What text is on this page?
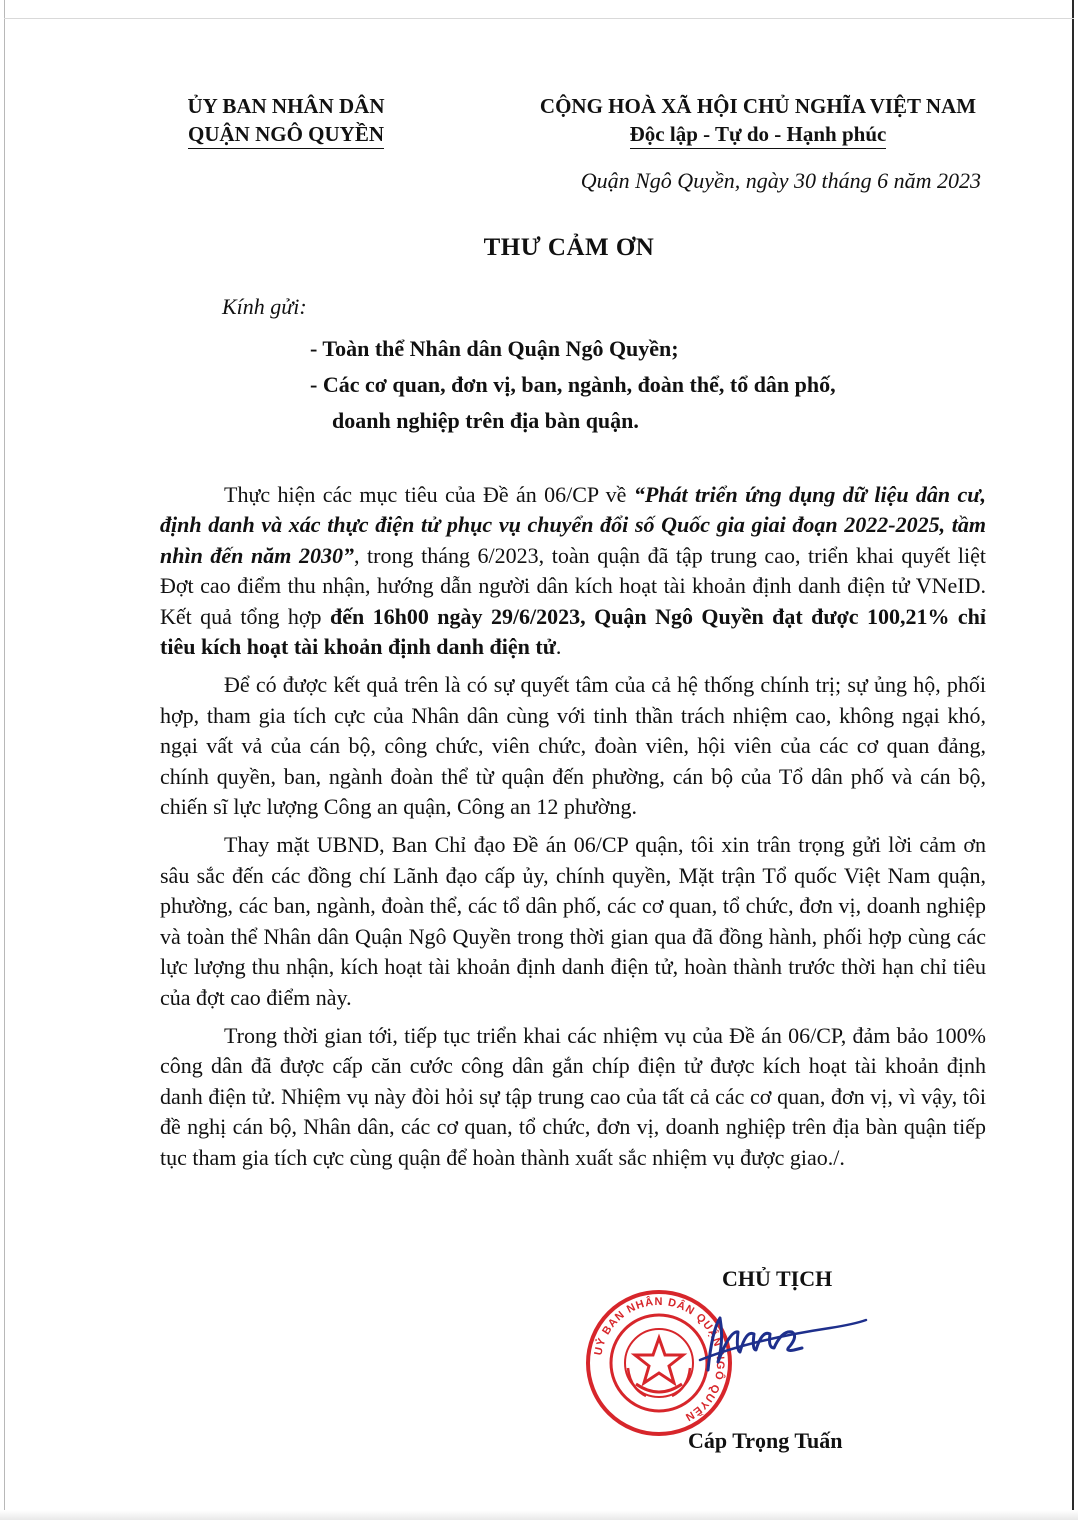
ỦY BAN NHÂN DÂN
QUẬN NGÔ QUYỀN
CỘNG HOÀ XÃ HỘI CHỦ NGHĨA VIỆT NAM
Độc lập - Tự do - Hạnh phúc
Quận Ngô Quyền, ngày 30 tháng 6 năm 2023
THƯ CẢM ƠN
Kính gửi:
- Toàn thể Nhân dân Quận Ngô Quyền;
- Các cơ quan, đơn vị, ban, ngành, đoàn thể, tổ dân phố,
doanh nghiệp trên địa bàn quận.

Thực hiện các mục tiêu của Đề án 06/CP về “Phát triển ứng dụng dữ liệu dân cư, định danh và xác thực điện tử phục vụ chuyển đổi số Quốc gia giai đoạn 2022-2025, tầm nhìn đến năm 2030”, trong tháng 6/2023, toàn quận đã tập trung cao, triển khai quyết liệt Đợt cao điểm thu nhận, hướng dẫn người dân kích hoạt tài khoản định danh điện tử VNeID. Kết quả tổng hợp đến 16h00 ngày 29/6/2023, Quận Ngô Quyền đạt được 100,21% chỉ tiêu kích hoạt tài khoản định danh điện tử.

Để có được kết quả trên là có sự quyết tâm của cả hệ thống chính trị; sự ủng hộ, phối hợp, tham gia tích cực của Nhân dân cùng với tinh thần trách nhiệm cao, không ngại khó, ngại vất vả của cán bộ, công chức, viên chức, đoàn viên, hội viên của các cơ quan đảng, chính quyền, ban, ngành đoàn thể từ quận đến phường, cán bộ của Tổ dân phố và cán bộ, chiến sĩ lực lượng Công an quận, Công an 12 phường.

Thay mặt UBND, Ban Chỉ đạo Đề án 06/CP quận, tôi xin trân trọng gửi lời cảm ơn sâu sắc đến các đồng chí Lãnh đạo cấp ủy, chính quyền, Mặt trận Tổ quốc Việt Nam quận, phường, các ban, ngành, đoàn thể, các tổ dân phố, các cơ quan, tổ chức, đơn vị, doanh nghiệp và toàn thể Nhân dân Quận Ngô Quyền trong thời gian qua đã đồng hành, phối hợp cùng các lực lượng thu nhận, kích hoạt tài khoản định danh điện tử, hoàn thành trước thời hạn chỉ tiêu của đợt cao điểm này.

Trong thời gian tới, tiếp tục triển khai các nhiệm vụ của Đề án 06/CP, đảm bảo 100% công dân đã được cấp căn cước công dân gắn chíp điện tử được kích hoạt tài khoản định danh điện tử. Nhiệm vụ này đòi hỏi sự tập trung cao của tất cả các cơ quan, đơn vị, vì vậy, tôi đề nghị cán bộ, Nhân dân, các cơ quan, tổ chức, đơn vị, doanh nghiệp trên địa bàn quận tiếp tục tham gia tích cực cùng quận để hoàn thành xuất sắc nhiệm vụ được giao./.

CHỦ TỊCH
UỶ BAN NHÂN DÂN QUẬN NGÔ QUYỀN
Cáp Trọng Tuấn
